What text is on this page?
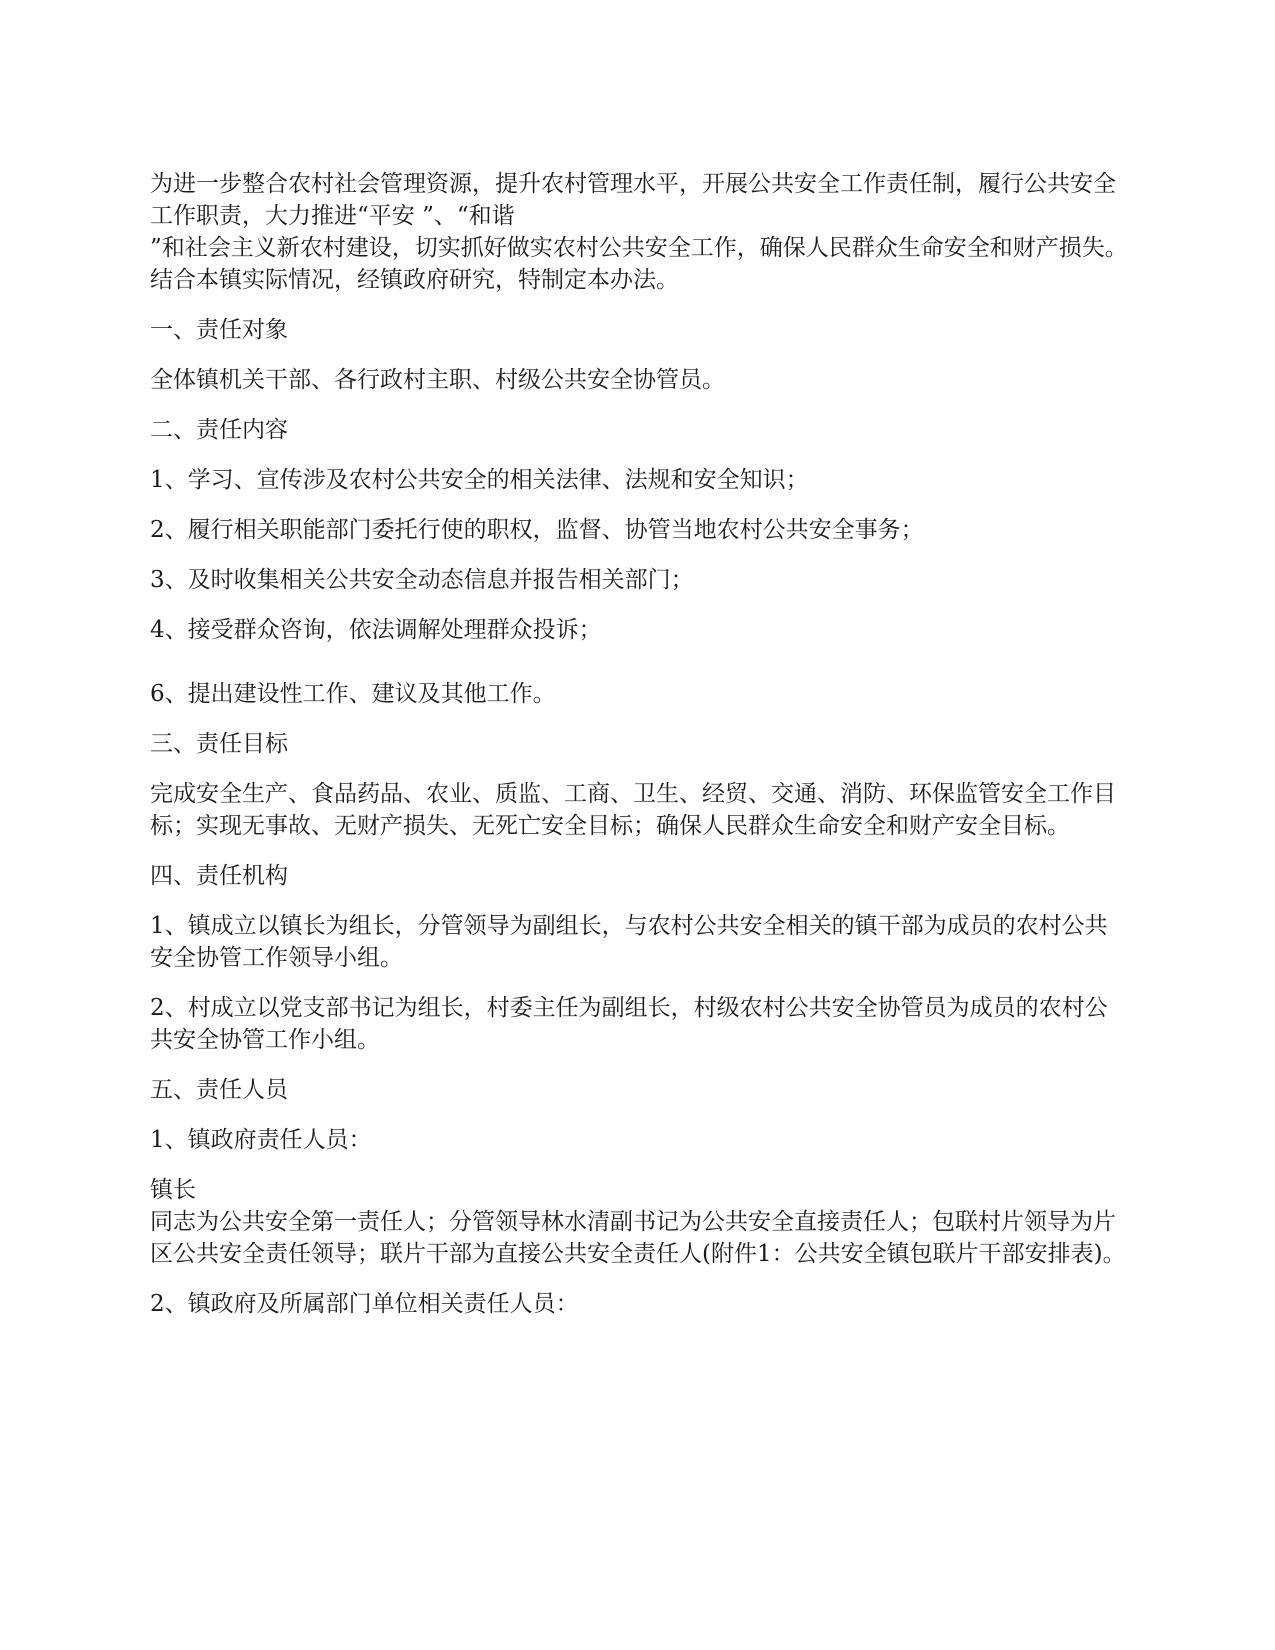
为进一步整合农村社会管理资源，提升农村管理水平，开展公共安全工作责任制，履行公共安全工作职责，大力推进“平安 ”、“和谐
”和社会主义新农村建设，切实抓好做实农村公共安全工作，确保人民群众生命安全和财产损失。结合本镇实际情况，经镇政府研究，特制定本办法。

一、责任对象

全体镇机关干部、各行政村主职、村级公共安全协管员。

二、责任内容

1、学习、宣传涉及农村公共安全的相关法律、法规和安全知识；

2、履行相关职能部门委托行使的职权，监督、协管当地农村公共安全事务；

3、及时收集相关公共安全动态信息并报告相关部门；

4、接受群众咨询，依法调解处理群众投诉；

6、提出建设性工作、建议及其他工作。

三、责任目标

完成安全生产、食品药品、农业、质监、工商、卫生、经贸、交通、消防、环保监管安全工作目标；实现无事故、无财产损失、无死亡安全目标；确保人民群众生命安全和财产安全目标。

四、责任机构

1、镇成立以镇长为组长，分管领导为副组长，与农村公共安全相关的镇干部为成员的农村公共安全协管工作领导小组。

2、村成立以党支部书记为组长，村委主任为副组长，村级农村公共安全协管员为成员的农村公共安全协管工作小组。

五、责任人员

1、镇政府责任人员：

镇长
同志为公共安全第一责任人；分管领导林水清副书记为公共安全直接责任人；包联村片领导为片区公共安全责任领导；联片干部为直接公共安全责任人(附件1：公共安全镇包联片干部安排表)。

2、镇政府及所属部门单位相关责任人员：
